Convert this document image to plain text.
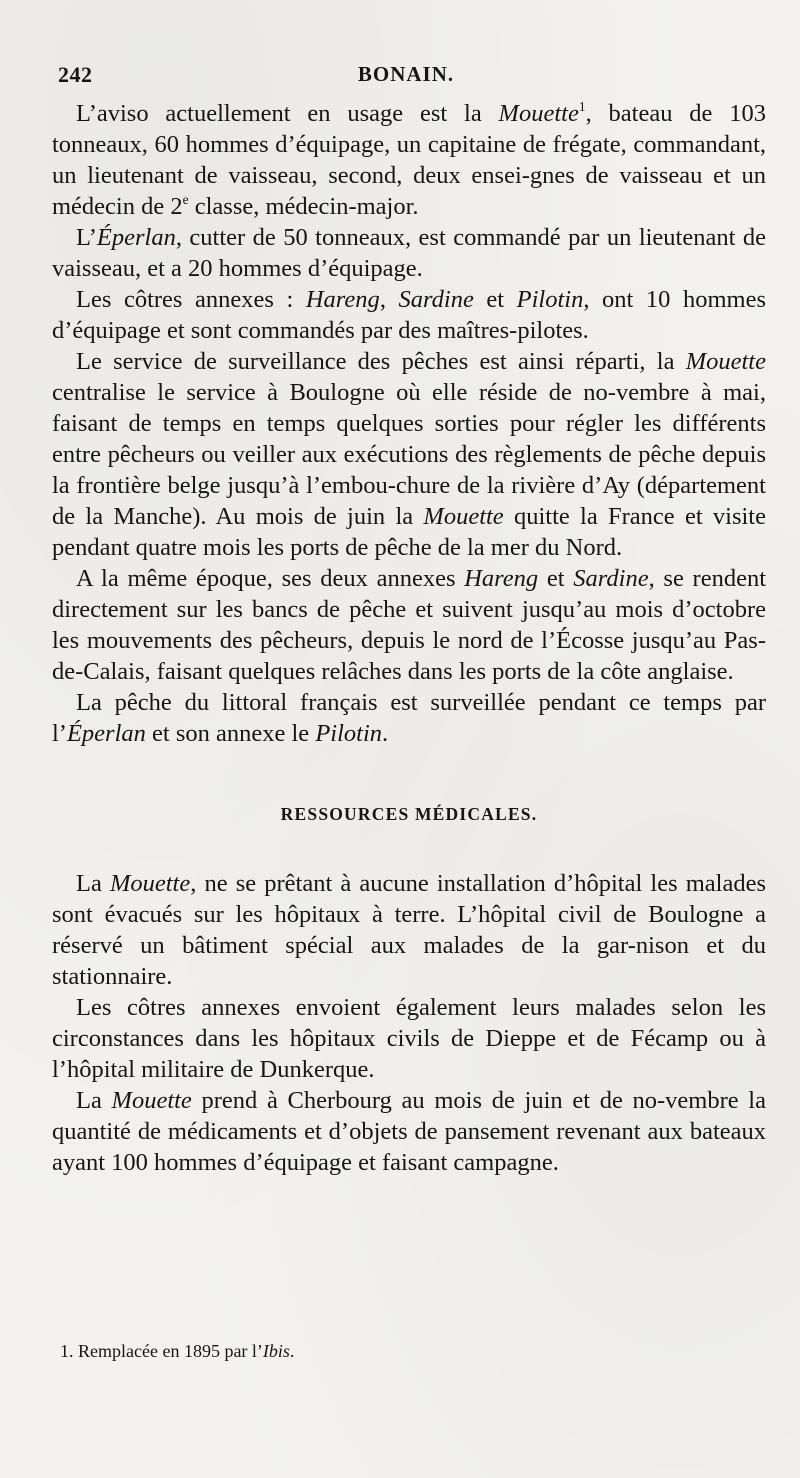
242	BONAIN.

L’aviso actuellement en usage est la Mouette$^1$, bateau de 103 tonneaux, 60 hommes d’équipage, un capitaine de frégate, commandant, un lieutenant de vaisseau, second, deux ensei-gnes de vaisseau et un médecin de 2e classe, médecin-major.

L’Éperlan, cutter de 50 tonneaux, est commandé par un lieutenant de vaisseau, et a 20 hommes d’équipage.

Les côtres annexes : Hareng, Sardine et Pilotin, ont 10 hommes d’équipage et sont commandés par des maîtres-pilotes.

Le service de surveillance des pêches est ainsi réparti, la Mouette centralise le service à Boulogne où elle réside de no-vembre à mai, faisant de temps en temps quelques sorties pour régler les différents entre pêcheurs ou veiller aux exécutions des règlements de pêche depuis la frontière belge jusqu’à l’embou-chure de la rivière d’Ay (département de la Manche). Au mois de juin la Mouette quitte la France et visite pendant quatre mois les ports de pêche de la mer du Nord.

A la même époque, ses deux annexes Hareng et Sardine, se rendent directement sur les bancs de pêche et suivent jusqu’au mois d’octobre les mouvements des pêcheurs, depuis le nord de l’Écosse jusqu’au Pas-de-Calais, faisant quelques relâches dans les ports de la côte anglaise.

La pêche du littoral français est surveillée pendant ce temps par l’Éperlan et son annexe le Pilotin.

RESSOURCES MÉDICALES.

La Mouette, ne se prêtant à aucune installation d’hôpital les malades sont évacués sur les hôpitaux à terre. L’hôpital civil de Boulogne a réservé un bâtiment spécial aux malades de la gar-nison et du stationnaire.

Les côtres annexes envoient également leurs malades selon les circonstances dans les hôpitaux civils de Dieppe et de Fécamp ou à l’hôpital militaire de Dunkerque.

La Mouette prend à Cherbourg au mois de juin et de no-vembre la quantité de médicaments et d’objets de pansement revenant aux bateaux ayant 100 hommes d’équipage et faisant campagne.

1. Remplacée en 1895 par l’Ibis.
